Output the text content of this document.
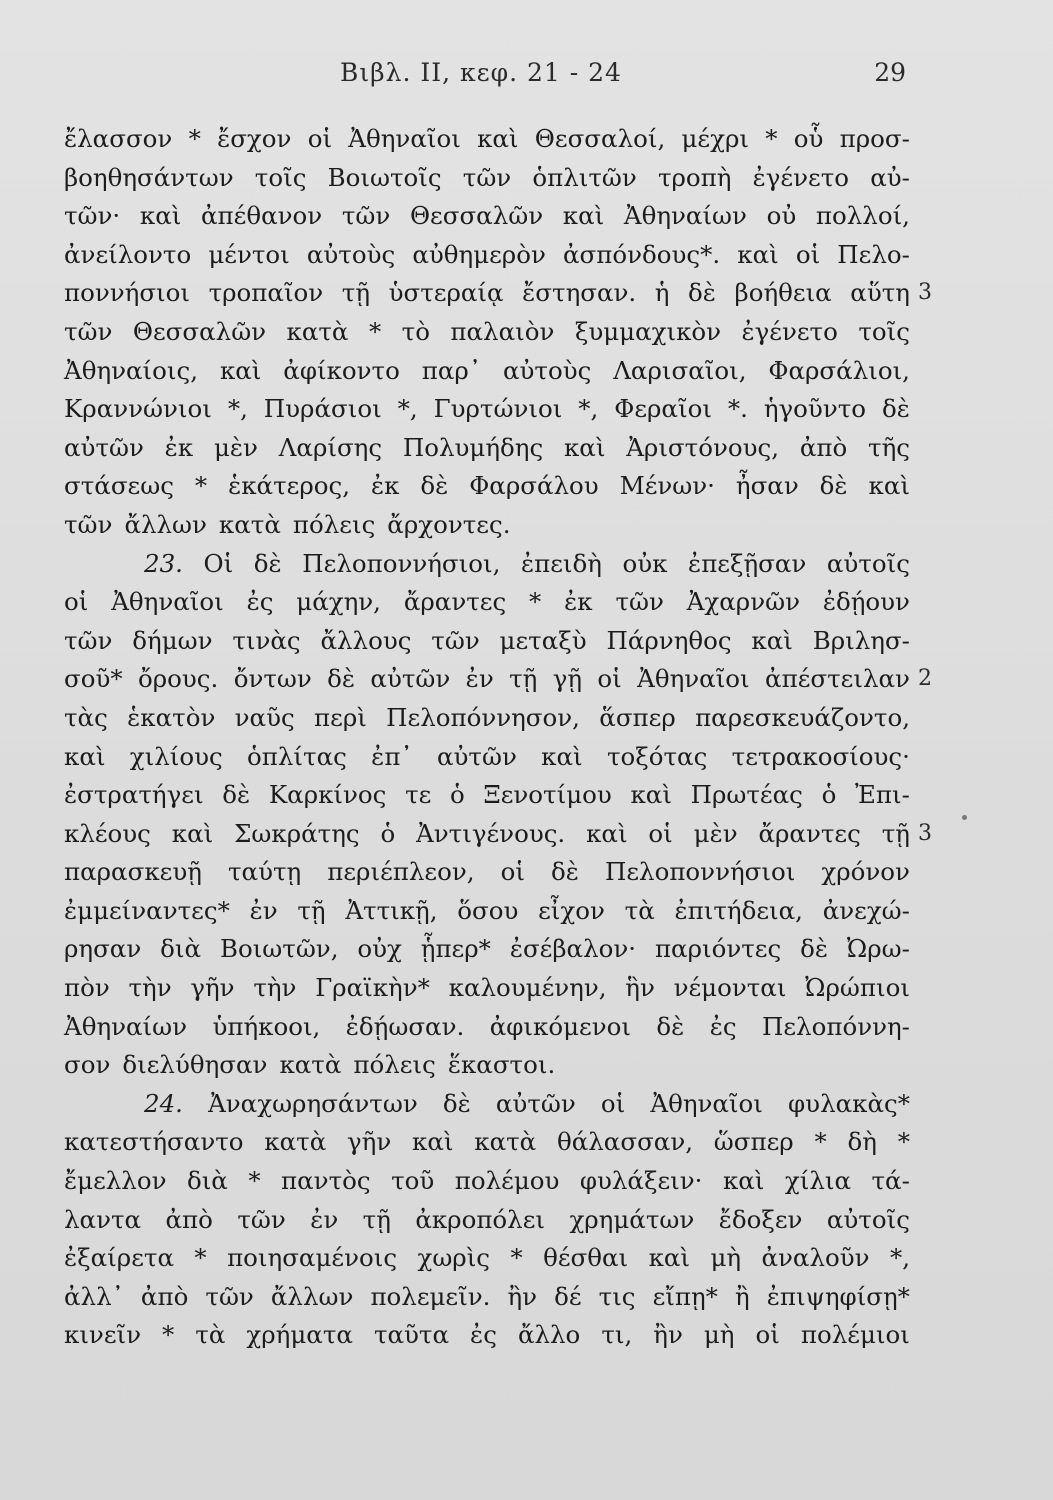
Βιβλ. ΙΙ, κεφ. 21 - 24	29
ἔλασσον * ἔσχον οἱ Ἀθηναῖοι καὶ Θεσσαλοί, μέχρι * οὗ προσ-
βοηθησάντων τοῖς Βοιωτοῖς τῶν ὁπλιτῶν τροπὴ ἐγένετο αὐ-
τῶν· καὶ ἀπέθανον τῶν Θεσσαλῶν καὶ Ἀθηναίων οὐ πολλοί,
ἀνείλοντο μέντοι αὐτοὺς αὐθημερὸν ἀσπόνδους*. καὶ οἱ Πελο-
ποννήσιοι τροπαῖον τῇ ὑστεραίᾳ ἔστησαν. ἡ δὲ βοήθεια αὕτη
τῶν Θεσσαλῶν κατὰ * τὸ παλαιὸν ξυμμαχικὸν ἐγένετο τοῖς
Ἀθηναίοις, καὶ ἀφίκοντο παρ᾽ αὐτοὺς Λαρισαῖοι, Φαρσάλιοι,
Κραννώνιοι *, Πυράσιοι *, Γυρτώνιοι *, Φεραῖοι *. ἡγοῦντο δὲ
αὐτῶν ἐκ μὲν Λαρίσης Πολυμήδης καὶ Ἀριστόνους, ἀπὸ τῆς
στάσεως * ἑκάτερος, ἐκ δὲ Φαρσάλου Μένων· ἦσαν δὲ καὶ
τῶν ἄλλων κατὰ πόλεις ἄρχοντες.
23. Οἱ δὲ Πελοποννήσιοι, ἐπειδὴ οὐκ ἐπεξῇσαν αὐτοῖς
οἱ Ἀθηναῖοι ἐς μάχην, ἄραντες * ἐκ τῶν Ἀχαρνῶν ἐδῄουν
τῶν δήμων τινὰς ἄλλους τῶν μεταξὺ Πάρνηθος καὶ Βριλησ-
σοῦ* ὄρους. ὄντων δὲ αὐτῶν ἐν τῇ γῇ οἱ Ἀθηναῖοι ἀπέστειλαν
τὰς ἑκατὸν ναῦς περὶ Πελοπόννησον, ἅσπερ παρεσκευάζοντο,
καὶ χιλίους ὁπλίτας ἐπ᾽ αὐτῶν καὶ τοξότας τετρακοσίους·
ἐστρατήγει δὲ Καρκίνος τε ὁ Ξενοτίμου καὶ Πρωτέας ὁ Ἐπι-
κλέους καὶ Σωκράτης ὁ Ἀντιγένους. καὶ οἱ μὲν ἄραντες τῇ
παρασκευῇ ταύτῃ περιέπλεον, οἱ δὲ Πελοποννήσιοι χρόνον
ἐμμείναντες* ἐν τῇ Ἀττικῇ, ὅσου εἶχον τὰ ἐπιτήδεια, ἀνεχώ-
ρησαν διὰ Βοιωτῶν, οὐχ ᾗπερ* ἐσέβαλον· παριόντες δὲ Ὠρω-
πὸν τὴν γῆν τὴν Γραϊκὴν* καλουμένην, ἣν νέμονται Ὠρώπιοι
Ἀθηναίων ὑπήκοοι, ἐδῄωσαν. ἀφικόμενοι δὲ ἐς Πελοπόννη-
σον διελύθησαν κατὰ πόλεις ἕκαστοι.
24. Ἀναχωρησάντων δὲ αὐτῶν οἱ Ἀθηναῖοι φυλακὰς*
κατεστήσαντο κατὰ γῆν καὶ κατὰ θάλασσαν, ὥσπερ * δὴ *
ἔμελλον διὰ * παντὸς τοῦ πολέμου φυλάξειν· καὶ χίλια τά-
λαντα ἀπὸ τῶν ἐν τῇ ἀκροπόλει χρημάτων ἔδοξεν αὐτοῖς
ἐξαίρετα * ποιησαμένοις χωρὶς * θέσθαι καὶ μὴ ἀναλοῦν *,
ἀλλ᾽ ἀπὸ τῶν ἄλλων πολεμεῖν. ἢν δέ τις εἴπῃ* ἢ ἐπιψηφίσῃ*
κινεῖν * τὰ χρήματα ταῦτα ἐς ἄλλο τι, ἢν μὴ οἱ πολέμιοι
3
2
3
